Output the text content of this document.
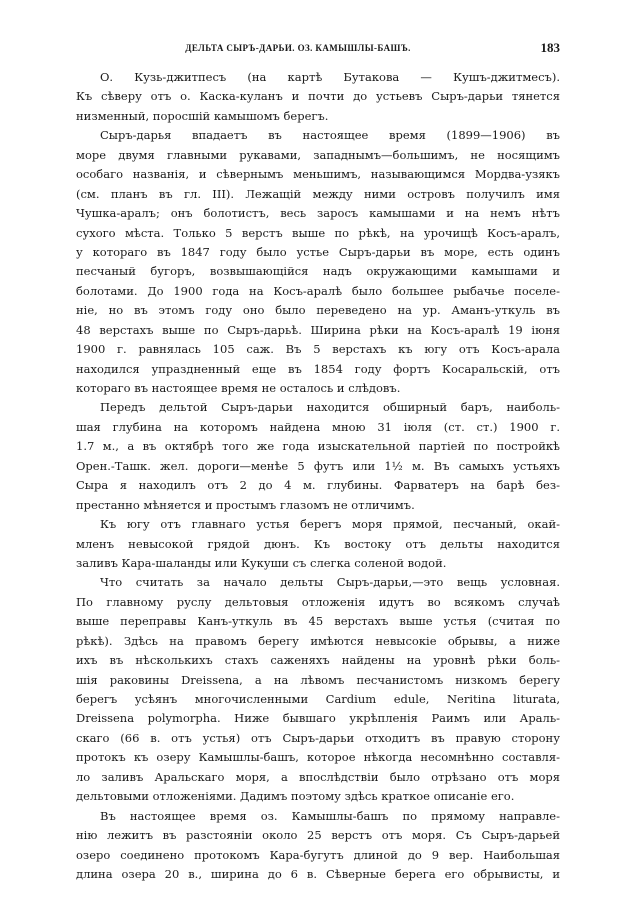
ДЕЛЬТА СЫРЪ-ДАРЬИ. ОЗ. КАМЫШЛЫ-БАШЪ.	183
О. Кузь-джитпесъ (на картѣ Бутакова — Кушъ-джитмесъ).
Къ сѣверу отъ о. Каска-куланъ и почти до устьевъ Сыръ-дарьи тянется
низменный, поросшій камышомъ берегъ.
Сыръ-дарья впадаетъ въ настоящее время (1899—1906) въ
море двумя главными рукавами, западнымъ—большимъ, не носящимъ
особаго названія, и сѣвернымъ меньшимъ, называющимся Мордва-узякъ
(см. планъ въ гл. III). Лежащій между ними островъ получилъ имя
Чушка-аралъ; онъ болотистъ, весь заросъ камышами и на немъ нѣтъ
сухого мѣста. Только 5 верстъ выше по рѣкѣ, на урочищѣ Косъ-аралъ,
у котораго въ 1847 году было устье Сыръ-дарьи въ море, есть одинъ
песчаный бугоръ, возвышающійся надъ окружающими камышами и
болотами. До 1900 года на Косъ-аралѣ было большее рыбачье поселе-
ніе, но въ этомъ году оно было переведено на ур. Аманъ-уткуль въ
48 верстахъ выше по Сыръ-дарьѣ. Ширина рѣки на Косъ-аралѣ 19 іюня
1900 г. равнялась 105 саж. Въ 5 верстахъ къ югу отъ Косъ-арала
находился упраздненный еще въ 1854 году фортъ Косаральскій, отъ
котораго въ настоящее время не осталось и слѣдовъ.
Передъ дельтой Сыръ-дарьи находится обширный баръ, наиболь-
шая глубина на которомъ найдена мною 31 іюля (ст. ст.) 1900 г.
1.7 м., а въ октябрѣ того же года изыскательной партіей по постройкѣ
Орен.-Ташк. жел. дороги—менѣе 5 футъ или 1½ м. Въ самыхъ устьяхъ
Сыра я находилъ отъ 2 до 4 м. глубины. Фарватеръ на барѣ без-
престанно мѣняется и простымъ глазомъ не отличимъ.
Къ югу отъ главнаго устья берегъ моря прямой, песчаный, окай-
мленъ невысокой грядой дюнъ. Къ востоку отъ дельты находится
заливъ Кара-шаланды или Кукуши съ слегка соленой водой.
Что считать за начало дельты Сыръ-дарьи,—это вещь условная.
По главному руслу дельтовыя отложенія идутъ во всякомъ случаѣ
выше переправы Канъ-уткуль въ 45 верстахъ выше устья (считая по
рѣкѣ). Здѣсь на правомъ берегу имѣются невысокіе обрывы, а ниже
ихъ въ нѣсколькихъ стахъ саженяхъ найдены на уровнѣ рѣки боль-
шія раковины Dreissena, а на лѣвомъ песчанистомъ низкомъ берегу
берегъ усѣянъ многочисленными Cardium edule, Neritina liturata,
Dreissena polymorpha. Ниже бывшаго укрѣпленія Раимъ или Араль-
скаго (66 в. отъ устья) отъ Сыръ-дарьи отходитъ въ правую сторону
протокъ къ озеру Камышлы-башъ, которое нѣкогда несомнѣнно составля-
ло заливъ Аральскаго моря, а впослѣдствіи было отрѣзано отъ моря
дельтовыми отложеніями. Дадимъ поэтому здѣсь краткое описаніе его.
Въ настоящее время оз. Камышлы-башъ по прямому направле-
нію лежитъ въ разстояніи около 25 верстъ отъ моря. Съ Сыръ-дарьей
озеро соединено протокомъ Кара-бугутъ длиной до 9 вер. Наибольшая
длина озера 20 в., ширина до 6 в. Сѣверные берега его обрывисты, и
